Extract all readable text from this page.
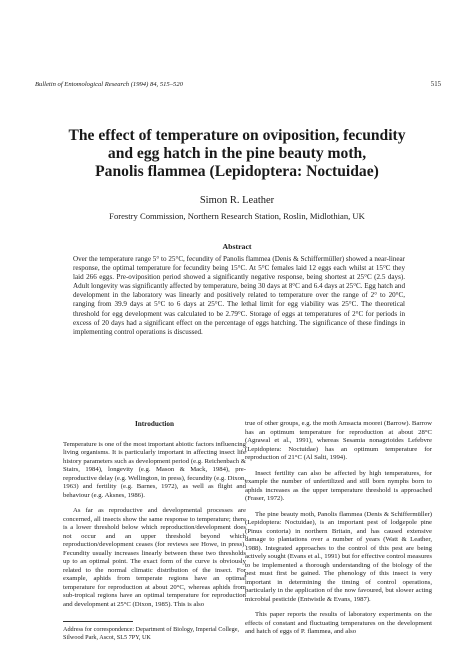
Bulletin of Entomological Research (1994) 84, 515–520	515
The effect of temperature on oviposition, fecundity
and egg hatch in the pine beauty moth,
Panolis flammea (Lepidoptera: Noctuidae)
Simon R. Leather
Forestry Commission, Northern Research Station, Roslin, Midlothian, UK
Abstract
Over the temperature range 5° to 25°C, fecundity of Panolis flammea (Denis & Schiffermüller) showed a near-linear response, the optimal temperature for fecundity being 15°C. At 5°C females laid 12 eggs each whilst at 15°C they laid 266 eggs. Pre-oviposition period showed a significantly negative response, being shortest at 25°C (2.5 days). Adult longevity was significantly affected by temperature, being 30 days at 8°C and 6.4 days at 25°C. Egg hatch and development in the laboratory was linearly and positively related to temperature over the range of 2° to 20°C, ranging from 39.9 days at 5°C to 6 days at 25°C. The lethal limit for egg viability was 25°C. The theoretical threshold for egg development was calculated to be 2.79°C. Storage of eggs at temperatures of 2°C for periods in excess of 20 days had a significant effect on the percentage of eggs hatching. The significance of these findings in implementing control operations is discussed.
Introduction

Temperature is one of the most important abiotic factors influencing living organisms. It is particularly important in affecting insect life history parameters such as development period (e.g. Reichenbach & Stairs, 1984), longevity (e.g. Mason & Mack, 1984), pre-reproductive delay (e.g. Wellington, in press), fecundity (e.g. Dixon, 1963) and fertility (e.g. Barnes, 1972), as well as flight and behaviour (e.g. Aksnes, 1986).

As far as reproductive and developmental processes are concerned, all insects show the same response to temperature; there is a lower threshold below which reproduction/development does not occur and an upper threshold beyond which reproduction/development ceases (for reviews see Howe, in press). Fecundity usually increases linearly between these two thresholds up to an optimal point. The exact form of the curve is obviously related to the normal climatic distribution of the insect. For example, aphids from temperate regions have an optimal temperature for reproduction at about 20°C, whereas aphids from sub-tropical regions have an optimal temperature for reproduction and development at 25°C (Dixon, 1985). This is also

true of other groups, e.g. the moth Amsacta moorei (Barrow). Barrow has an optimum temperature for reproduction at about 28°C (Agrawal et al., 1991), whereas Sesamia nonagrioides Lefebvre (Lepidoptera: Noctuidae) has an optimum temperature for reproduction of 21°C (Al Salti, 1994).

Insect fertility can also be affected by high temperatures, for example the number of unfertilized and still born nymphs born to aphids increases as the upper temperature threshold is approached (Fraser, 1972).

The pine beauty moth, Panolis flammea (Denis & Schiffermüller) (Lepidoptera: Noctuidae), is an important pest of lodgepole pine (Pinus contorta) in northern Britain, and has caused extensive damage to plantations over a number of years (Watt & Leather, 1988). Integrated approaches to the control of this pest are being actively sought (Evans et al., 1991) but for effective control measures to be implemented a thorough understanding of the biology of the pest must first be gained. The phenology of this insect is very important in determining the timing of control operations, particularly in the application of the now favoured, but slower acting microbial pesticide (Entwistle & Evans, 1987).

This paper reports the results of laboratory experiments on the effects of constant and fluctuating temperatures on the development and hatch of eggs of P. flammea, and also

Address for correspondence: Department of Biology, Imperial College, Silwood Park, Ascot, SL5 7PY, UK
